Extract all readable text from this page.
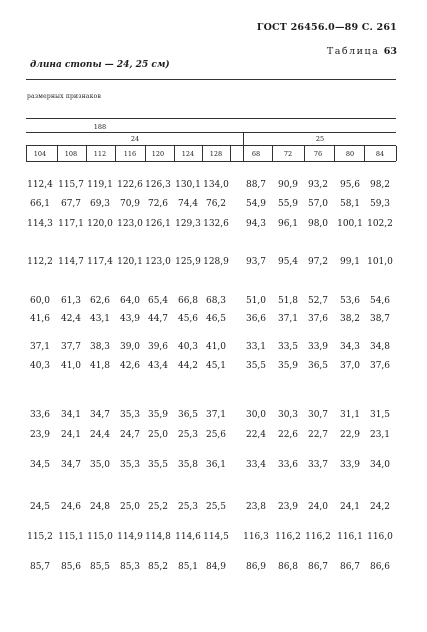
ГОСТ 26456.0—89 С. 261
Таблица 63
длина стопы — 24, 25 см)
размерных признаков
188
24	25
104	108	112	116	120	124	128	68	72	76	80	84
112,4 115,7 119,1 122,6 126,3 130,1 134,0	88,7	90,9	93,2	95,6	98,2
66,1	67,7 69,3	70,9 72,6	74,4 76,2	54,9	55,9	57,0	58,1	59,3
114,3 117,1 120,0 123,0 126,1 129,3 132,6	94,3	96,1	98,0	100,1 102,2
112,2 114,7 117,4 120,1 123,0 125,9 128,9	93,7	95,4	97,2	99,1 101,0
60,0	61,3 62,6	64,0 65,4	66,8 68,3	51,0	51,8	52,7	53,6	54,6
41,6	42,4 43,1	43,9 44,7	45,6 46,5	36,6	37,1	37,6	38,2	38,7
37,1	37,7 38,3	39,0 39,6	40,3 41,0	33,1	33,5	33,9	34,3	34,8
40,3	41,0 41,8	42,6 43,4	44,2 45,1	35,5	35,9	36,5	37,0	37,6
33,6	34,1 34,7	35,3 35,9	36,5 37,1	30,0	30,3	30,7	31,1	31,5
23,9	24,1 24,4	24,7 25,0	25,3 25,6	22,4	22,6	22,7	22,9	23,1
34,5	34,7 35,0	35,3 35,5	35,8 36,1	33,4	33,6	33,7	33,9	34,0
24,5	24,6 24,8	25,0 25,2	25,3 25,5	23,8	23,9	24,0	24,1	24,2
115,2 115,1 115,0 114,9 114,8 114,6 114,5 116,3 116,2 116,2 116,1 116,0
85,7	85,6 85,5	85,3 85,2	85,1 84,9	86,9	86,8	86,7	86,7	86,6
